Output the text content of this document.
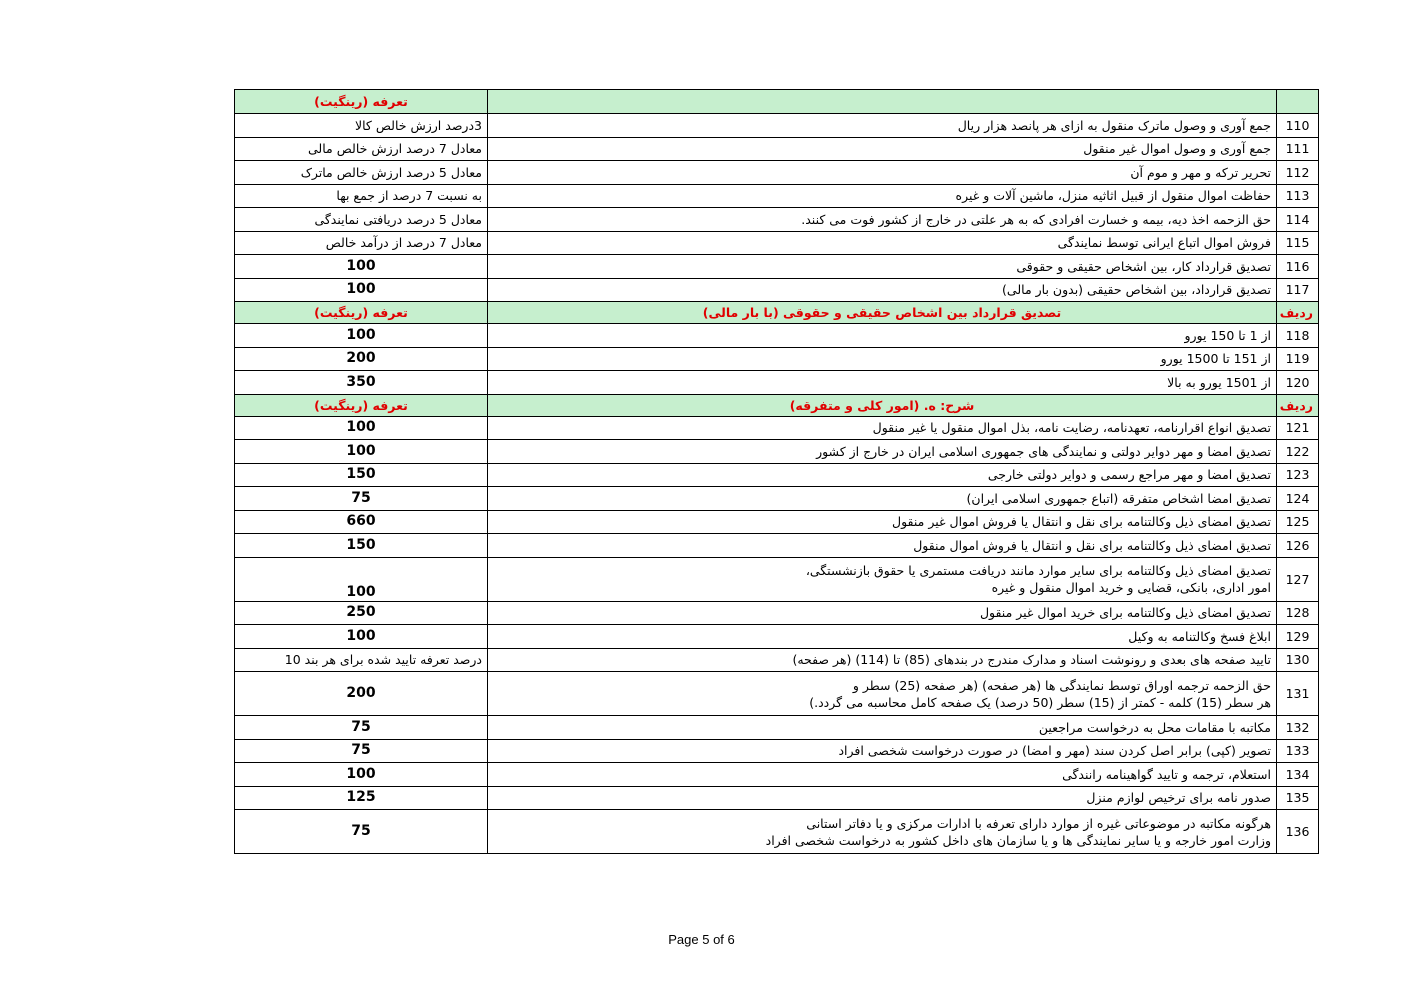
		تعرفه (رینگیت)
110	جمع آوری و وصول ماترک منقول به ازای هر پانصد هزار ریال	3درصد ارزش خالص کالا
111	جمع آوری و وصول اموال غیر منقول	معادل 7 درصد ارزش خالص مالی
112	تحریر ترکه و مهر و موم آن	معادل 5 درصد ارزش خالص ماترک
113	حفاظت اموال منقول از قبیل اثاثیه منزل، ماشین آلات و غیره	به نسبت 7 درصد از جمع بها
114	حق الزحمه اخذ دیه، بیمه و خسارت افرادی که به هر علتی در خارج از کشور فوت می کنند.	معادل 5 درصد دریافتی نمایندگی
115	فروش اموال اتباع ایرانی توسط نمایندگی	معادل 7 درصد از درآمد خالص
116	تصدیق قرارداد کار، بین اشخاص حقیقی و حقوقی	100
117	تصدیق قرارداد، بین اشخاص حقیقی (بدون بار مالی)	100
ردیف	تصدیق قرارداد بین اشخاص حقیقی و حقوقی (با بار مالی)	تعرفه (رینگیت)
118	از 1 تا 150 یورو	100
119	از 151 تا 1500 یورو	200
120	از 1501 یورو به بالا	350
ردیف	شرح: ه. (امور کلی و متفرقه)	تعرفه (رینگیت)
121	تصدیق انواع اقرارنامه، تعهدنامه، رضایت نامه، بذل اموال منقول یا غیر منقول	100
122	تصدیق امضا و مهر دوایر دولتی و نمایندگی های جمهوری اسلامی ایران در خارج از کشور	100
123	تصدیق امضا و مهر مراجع رسمی و دوایر دولتی خارجی	150
124	تصدیق امضا اشخاص متفرقه (اتباع جمهوری اسلامی ایران)	75
125	تصدیق امضای ذیل وکالتنامه برای نقل و انتقال یا فروش اموال غیر منقول	660
126	تصدیق امضای ذیل وکالتنامه برای نقل و انتقال یا فروش اموال منقول	150
127	تصدیق امضای ذیل وکالتنامه برای سایر موارد مانند دریافت مستمری یا حقوق بازنشستگی،
امور اداری، بانکی، قضایی و خرید اموال منقول و غیره	100
128	تصدیق امضای ذیل وکالتنامه برای خرید اموال غیر منقول	250
129	ابلاغ فسخ وکالتنامه به وکیل	100
130	تایید صفحه های بعدی و رونوشت اسناد و مدارک مندرج در بندهای (85) تا (114) (هر صفحه)	درصد تعرفه تایید شده برای هر بند 10
131	حق الزحمه ترجمه اوراق توسط نمایندگی ها (هر صفحه) (هر صفحه (25) سطر و
هر سطر (15) کلمه - کمتر از (15) سطر (50 درصد) یک صفحه کامل محاسبه می گردد.)	200
132	مکاتبه با مقامات محل به درخواست مراجعین	75
133	تصویر (کپی) برابر اصل کردن سند (مهر و امضا) در صورت درخواست شخصی افراد	75
134	استعلام، ترجمه و تایید گواهینامه رانندگی	100
135	صدور نامه برای ترخیص لوازم منزل	125
136	هرگونه مکاتبه در موضوعاتی غیره از موارد دارای تعرفه با ادارات مرکزی و یا دفاتر استانی
وزارت امور خارجه و یا سایر نمایندگی ها و یا سازمان های داخل کشور به درخواست شخصی افراد	75
Page 5 of 6
